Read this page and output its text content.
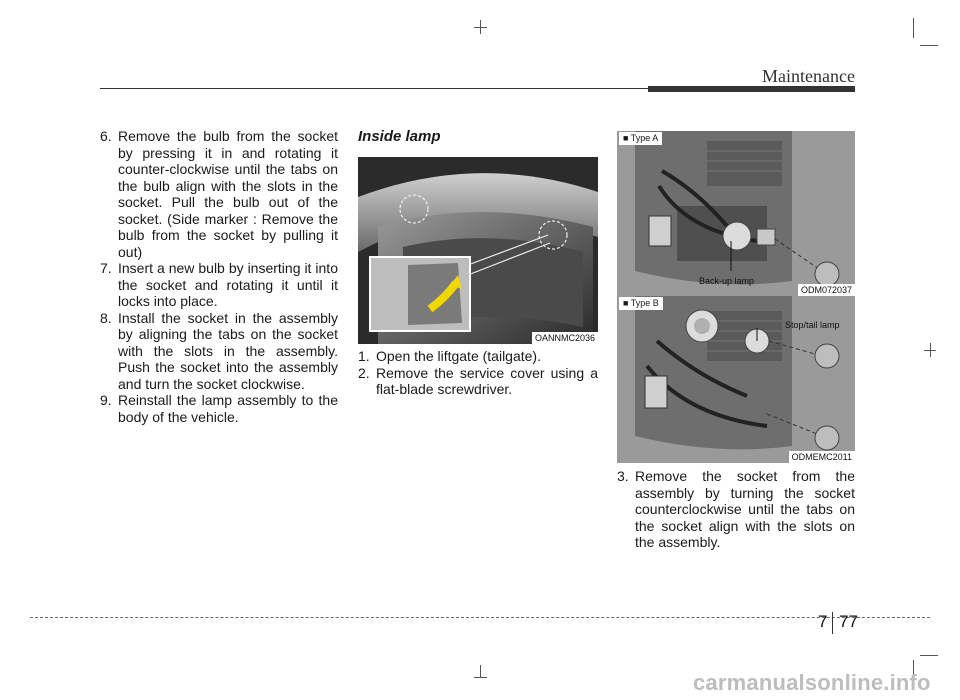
Maintenance
6. Remove the bulb from the socket by pressing it in and rotating it counter-clockwise until the tabs on the bulb align with the slots in the socket. Pull the bulb out of the socket. (Side marker : Remove the bulb from the socket by pulling it out)
7. Insert a new bulb by inserting it into the socket and rotating it until it locks into place.
8. Install the socket in the assembly by aligning the tabs on the socket with the slots in the assembly. Push the socket into the assembly and turn the socket clockwise.
9. Reinstall the lamp assembly to the body of the vehicle.
Inside lamp
OANNMC2036
1. Open the liftgate (tailgate).
2. Remove the service cover using a flat-blade screwdriver.
■ Type A
Back-up lamp
ODM072037
■ Type B
Stop/tail lamp
ODMEMC2011
3. Remove the socket from the assembly by turning the socket counterclockwise until the tabs on the socket align with the slots on the assembly.
7 77
carmanualsonline.info
